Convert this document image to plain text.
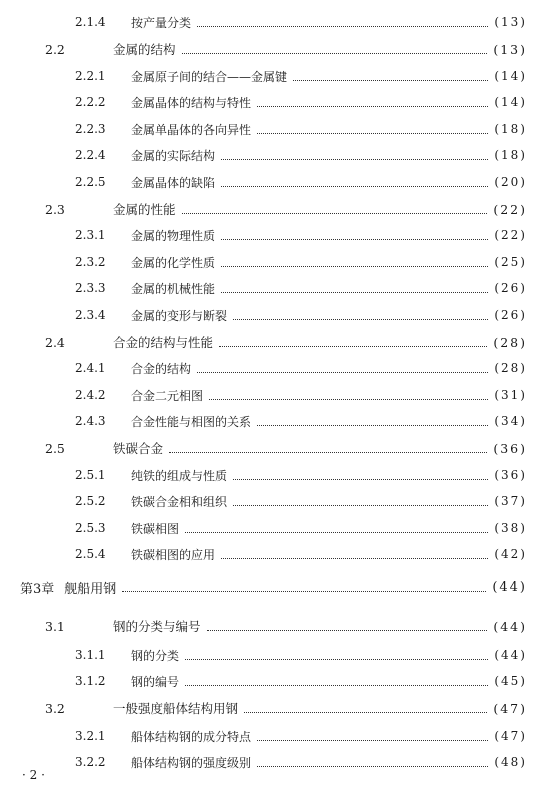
2.1.4	按产量分类	(13)
2.2	金属的结构	(13)
2.2.1	金属原子间的结合——金属键	(14)
2.2.2	金属晶体的结构与特性	(14)
2.2.3	金属单晶体的各向异性	(18)
2.2.4	金属的实际结构	(18)
2.2.5	金属晶体的缺陷	(20)
2.3	金属的性能	(22)
2.3.1	金属的物理性质	(22)
2.3.2	金属的化学性质	(25)
2.3.3	金属的机械性能	(26)
2.3.4	金属的变形与断裂	(26)
2.4	合金的结构与性能	(28)
2.4.1	合金的结构	(28)
2.4.2	合金二元相图	(31)
2.4.3	合金性能与相图的关系	(34)
2.5	铁碳合金	(36)
2.5.1	纯铁的组成与性质	(36)
2.5.2	铁碳合金相和组织	(37)
2.5.3	铁碳相图	(38)
2.5.4	铁碳相图的应用	(42)
第3章 舰船用钢	(44)
3.1	钢的分类与编号	(44)
3.1.1	钢的分类	(44)
3.1.2	钢的编号	(45)
3.2	一般强度船体结构用钢	(47)
3.2.1	船体结构钢的成分特点	(47)
3.2.2	船体结构钢的强度级别	(48)
· 2 ·
